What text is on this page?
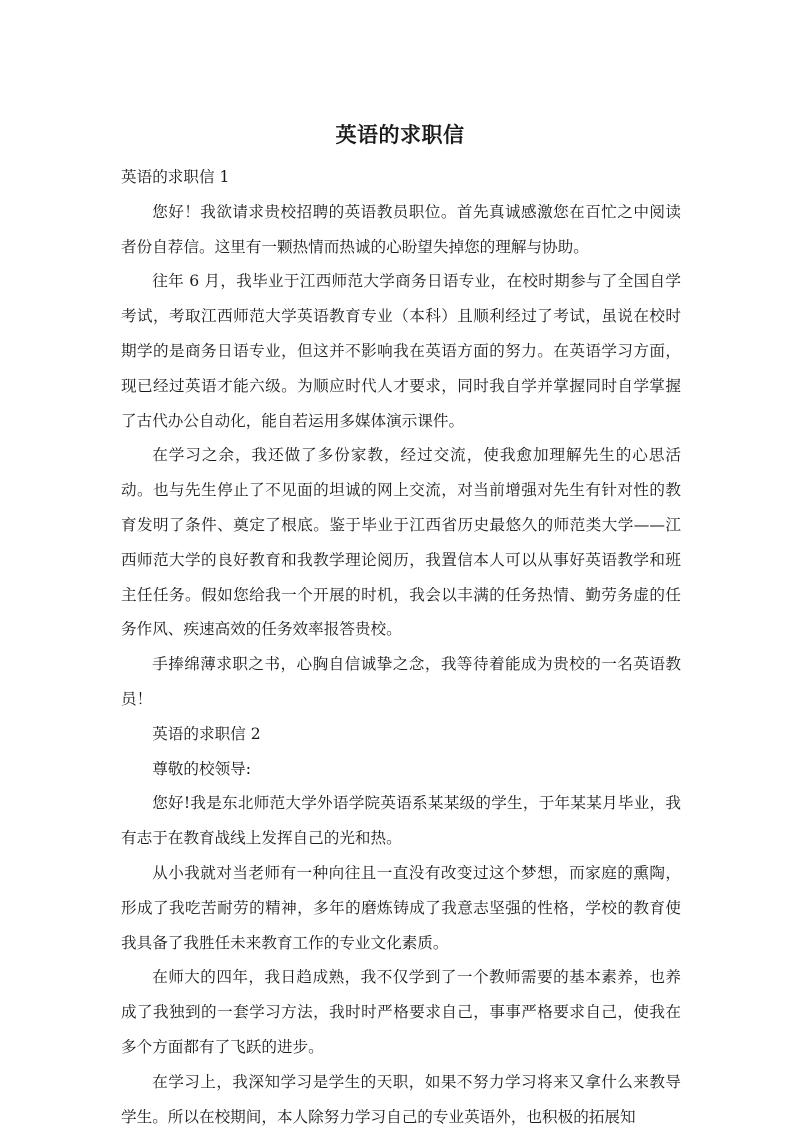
英语的求职信

英语的求职信 1

您好！我欲请求贵校招聘的英语教员职位。首先真诚感激您在百忙之中阅读者份自荐信。这里有一颗热情而热诚的心盼望失掉您的理解与协助。

往年 6 月，我毕业于江西师范大学商务日语专业，在校时期参与了全国自学考试，考取江西师范大学英语教育专业（本科）且顺利经过了考试，虽说在校时期学的是商务日语专业，但这并不影响我在英语方面的努力。在英语学习方面，现已经过英语才能六级。为顺应时代人才要求，同时我自学并掌握同时自学掌握了古代办公自动化，能自若运用多媒体演示课件。

在学习之余，我还做了多份家教，经过交流，使我愈加理解先生的心思活动。也与先生停止了不见面的坦诚的网上交流，对当前增强对先生有针对性的教育发明了条件、奠定了根底。鉴于毕业于江西省历史最悠久的师范类大学——江西师范大学的良好教育和我教学理论阅历，我置信本人可以从事好英语教学和班主任任务。假如您给我一个开展的时机，我会以丰满的任务热情、勤劳务虚的任务作风、疾速高效的任务效率报答贵校。

手捧绵薄求职之书，心胸自信诚挚之念，我等待着能成为贵校的一名英语教员！

英语的求职信 2

尊敬的校领导:

您好!我是东北师范大学外语学院英语系某某级的学生，于年某某月毕业，我有志于在教育战线上发挥自己的光和热。

从小我就对当老师有一种向往且一直没有改变过这个梦想，而家庭的熏陶，形成了我吃苦耐劳的精神，多年的磨炼铸成了我意志坚强的性格，学校的教育使我具备了我胜任未来教育工作的专业文化素质。

在师大的四年，我日趋成熟，我不仅学到了一个教师需要的基本素养，也养成了我独到的一套学习方法，我时时严格要求自己，事事严格要求自己，使我在多个方面都有了飞跃的进步。

在学习上，我深知学习是学生的天职，如果不努力学习将来又拿什么来教导学生。所以在校期间，本人除努力学习自己的专业英语外，也积极的拓展知
